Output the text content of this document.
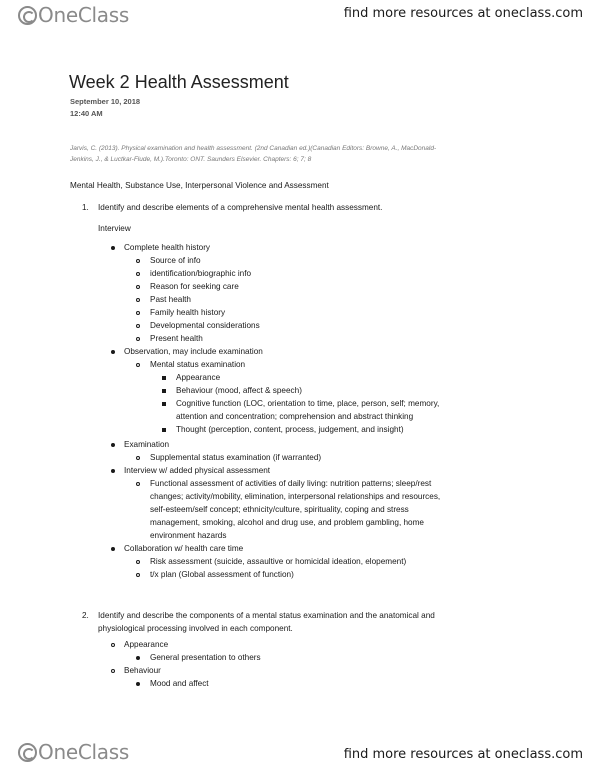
OneClass	find more resources at oneclass.com
Week 2 Health Assessment
September 10, 2018
12:40 AM
Jarvis, C. (2013). Physical examination and health assessment. (2nd Canadian ed.)(Canadian Editors: Browne, A., MacDonald-
Jenkins, J., & Luctkar-Flude, M.).Toronto: ONT. Saunders Elsevier. Chapters: 6; 7; 8
Mental Health, Substance Use, Interpersonal Violence and Assessment
1. Identify and describe elements of a comprehensive mental health assessment.
Interview
Complete health history
Source of info
identification/biographic info
Reason for seeking care
Past health
Family health history
Developmental considerations
Present health
Observation, may include examination
Mental status examination
Appearance
Behaviour (mood, affect & speech)
Cognitive function (LOC, orientation to time, place, person, self; memory,
attention and concentration; comprehension and abstract thinking
Thought (perception, content, process, judgement, and insight)
Examination
Supplemental status examination (if warranted)
Interview w/ added physical assessment
Functional assessment of activities of daily living: nutrition patterns; sleep/rest
changes; activity/mobility, elimination, interpersonal relationships and resources,
self-esteem/self concept; ethnicity/culture, spirituality, coping and stress
management, smoking, alcohol and drug use, and problem gambling, home
environment hazards
Collaboration w/ health care time
Risk assessment (suicide, assaultive or homicidal ideation, elopement)
t/x plan (Global assessment of function)
2. Identify and describe the components of a mental status examination and the anatomical and
physiological processing involved in each component.
Appearance
General presentation to others
Behaviour
Mood and affect
OneClass	find more resources at oneclass.com
